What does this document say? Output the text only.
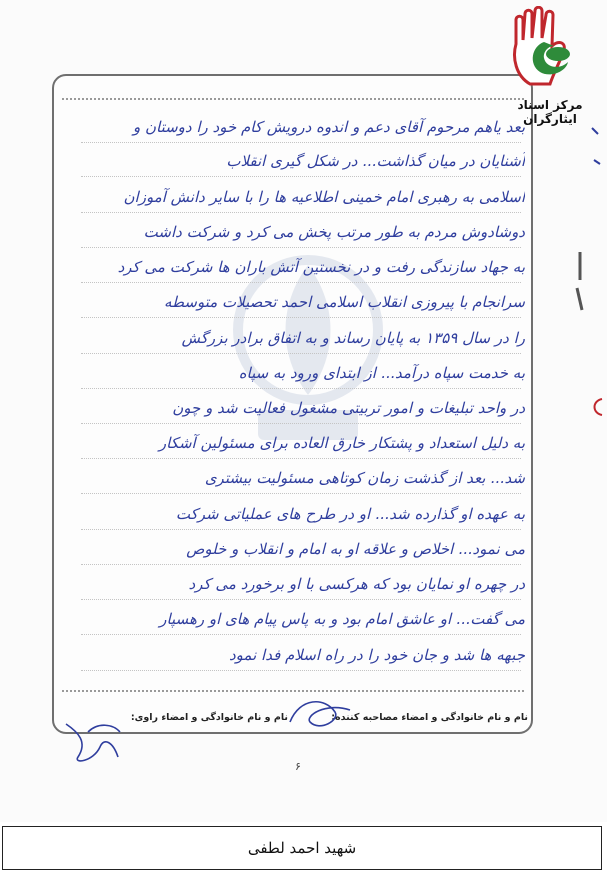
بعد یاهم مرحوم آقای دعم و اندوه درویش کام خود را دوستان و
آشنایان در میان گذاشت... در شکل گیری انقلاب
اسلامی به رهبری امام خمینی اطلاعیه ها را با سایر دانش آموزان
دوشادوش مردم به طور مرتب پخش می کرد و شرکت داشت
به جهاد سازندگی رفت و در نخستین آتش باران ها شرکت می کرد
سرانجام با پیروزی انقلاب اسلامی احمد تحصیلات متوسطه
را در سال ۱۳۵۹ به پایان رساند و به اتفاق برادر بزرگش
به خدمت سپاه درآمد... از ابتدای ورود به سپاه
در واحد تبلیغات و امور تربیتی مشغول فعالیت شد و چون
به دلیل استعداد و پشتکار خارق العاده برای مسئولین آشکار
شد... بعد از گذشت زمان کوتاهی مسئولیت بیشتری
به عهده او گذارده شد... او در طرح های عملیاتی شرکت
می نمود... اخلاص و علاقه او به امام و انقلاب و خلوص
در چهره او نمایان بود که هرکسی با او برخورد می کرد
می گفت... او عاشق امام بود و به پاس پیام های او رهسپار
جبهه ها شد و جان خود را در راه اسلام فدا نمود
نام و نام خانوادگی و امضاء مصاحبه کننده:
نام و نام خانوادگی و امضاء راوی:
۶
مرکز اسناد ایثارگران
شهید احمد لطفی
